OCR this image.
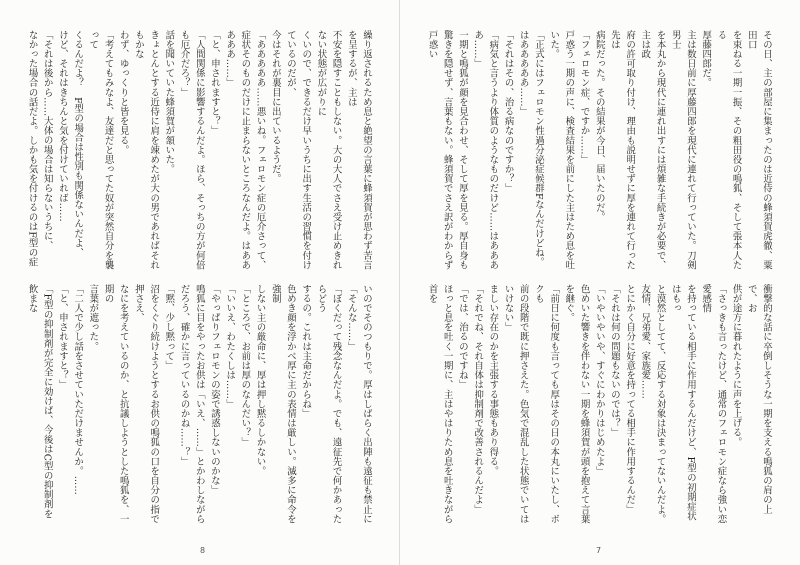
繰り返されるため息と絶望の言葉に蜂須賀が思わず苦言を呈するが、主は

不安を隠すこともしない。大の大人でさえ受け止めきれない状態が広がりに

くいので、できるだけ早いうちに出す生活の習慣を付けているのだが、

今はそれが裏目に出ているようだ。

「あああああ……悪いね。フェロモン症の厄介さって、

症状そのものだけに止まらないところなんだよ。はあああああ……」

「と、申されますと？」

「人間関係に影響するんだよ。ほら、そっちの方が何倍も厄介だろ？」

話を聞いていた蜂須賀が頷いた。

きょとんとする近侍に肩を竦めたが大の男であればそれもかな

わず、ゆっくりと皆を見る。

「考えてもみなよ、友達だと思ってた奴が突然自分を襲って

くるんだよ？　F型の場合は性別も関係ないんだよ、

けど、それはきちんと気を付けていれば……

「それは後から……大体の場合は知らないうちに、

なかった場合の話だよ。しかも気を付けるのはF型の症

いのでそのつもりで。厚はしばらく出陣も遠征も禁止に

「そんな……」

「ぼくだって残念なんだよ。でも、遠征先で何かあったらどう

するの。これは主命だからね」

色めき顔を浮かべ厚に主の表情は厳しい。滅多に命令を強制

しない主の厳命に、厚は押し黙るしかない。

「ところで、お前は厚のなんだい？」

「いいえ、わたくしは……」

「やっぱりフェロモンの姿で誘惑しないのかな」

鳴狐に目をやったお供は「いえ、……」とかわしながら

だろう、確かに言っているのかね……？」

「黙、少し黙って」

沼をくぐり続けようとするお供の鳴狐の口を自分の指で押さえ、

なにを考えているのか、と抗議しようとした鳴狐を、一期の

言葉が遮った。

「二人で少し話をさせていただけませんか。……

「と、申されますと？」

「F型の抑制剤が完全に効けば、今後はC型の抑制剤を飲まな

8

その日、主の部屋に集まったのは近侍の蜂須賀虎徹、粟田口

を束ねる一期一振、その粗田役の鳴狐、そして張本人たる

厚藤四郎だ。

主は数日前に厚藤四郎を現代に連れて行っていた。刀剣男士

を本丸から現代に連れ出すには煩雑な手続きが必要で、主は政

府の許可取り付け、理由も説明せずに厚を連れて行った先は

病院だった。その結果が今日、届いたのだ。

「フェロモン症、ですか……」

戸惑う一期の声に、検査結果を前にした主はため息を吐いた。

「正式にはフェロモン性過分泌症候群Fなんだけどね。

はあああああ……」

「それはその、治る病なのですか？」

「病気と言うより体質のようなものだけど……はああああ……」

一期と鳴狐が顔を見合わせ、そして厚を見る。厚自身も

驚きを隠せず、言葉もない。蜂須賀でさえ訳がわからず戸惑い

衝撃的な話に卒倒しそうな一期を支える鳴狐の肩の上で、お

供が途方に暮れたように声を上げる。

「さっきも言ったけど、通常のフェロモン症なら強い恋愛感情

を持っている相手に作用するんだけど、F型の初期症状はもっ

と漠然としてて、反応する対象は決まってないんだよ。友情、兄弟愛、家族愛……

とにかく自分に好意を持ってる相手に作用するんだ」

「それは何の問題もないのでは？」

「いやいやいや、すぐにわかりはじめたよ」

色めいた響きを伴わない一期を蜂須賀が頭を抱えて言葉を継ぐ。

「前日に何度も言っても厚はその日の本丸にいたし、ボクも

前の段階で既に押さえた。色気で混乱した状態でいてはいけない」

ましい存在のかを主張する事態もあり得る。

「それでね、それ自体は抑制剤で改善されるんだよ」

「では、治るのですね」

ほっと息を吐く一期に、主はやはりため息を吐きながら首を

7
